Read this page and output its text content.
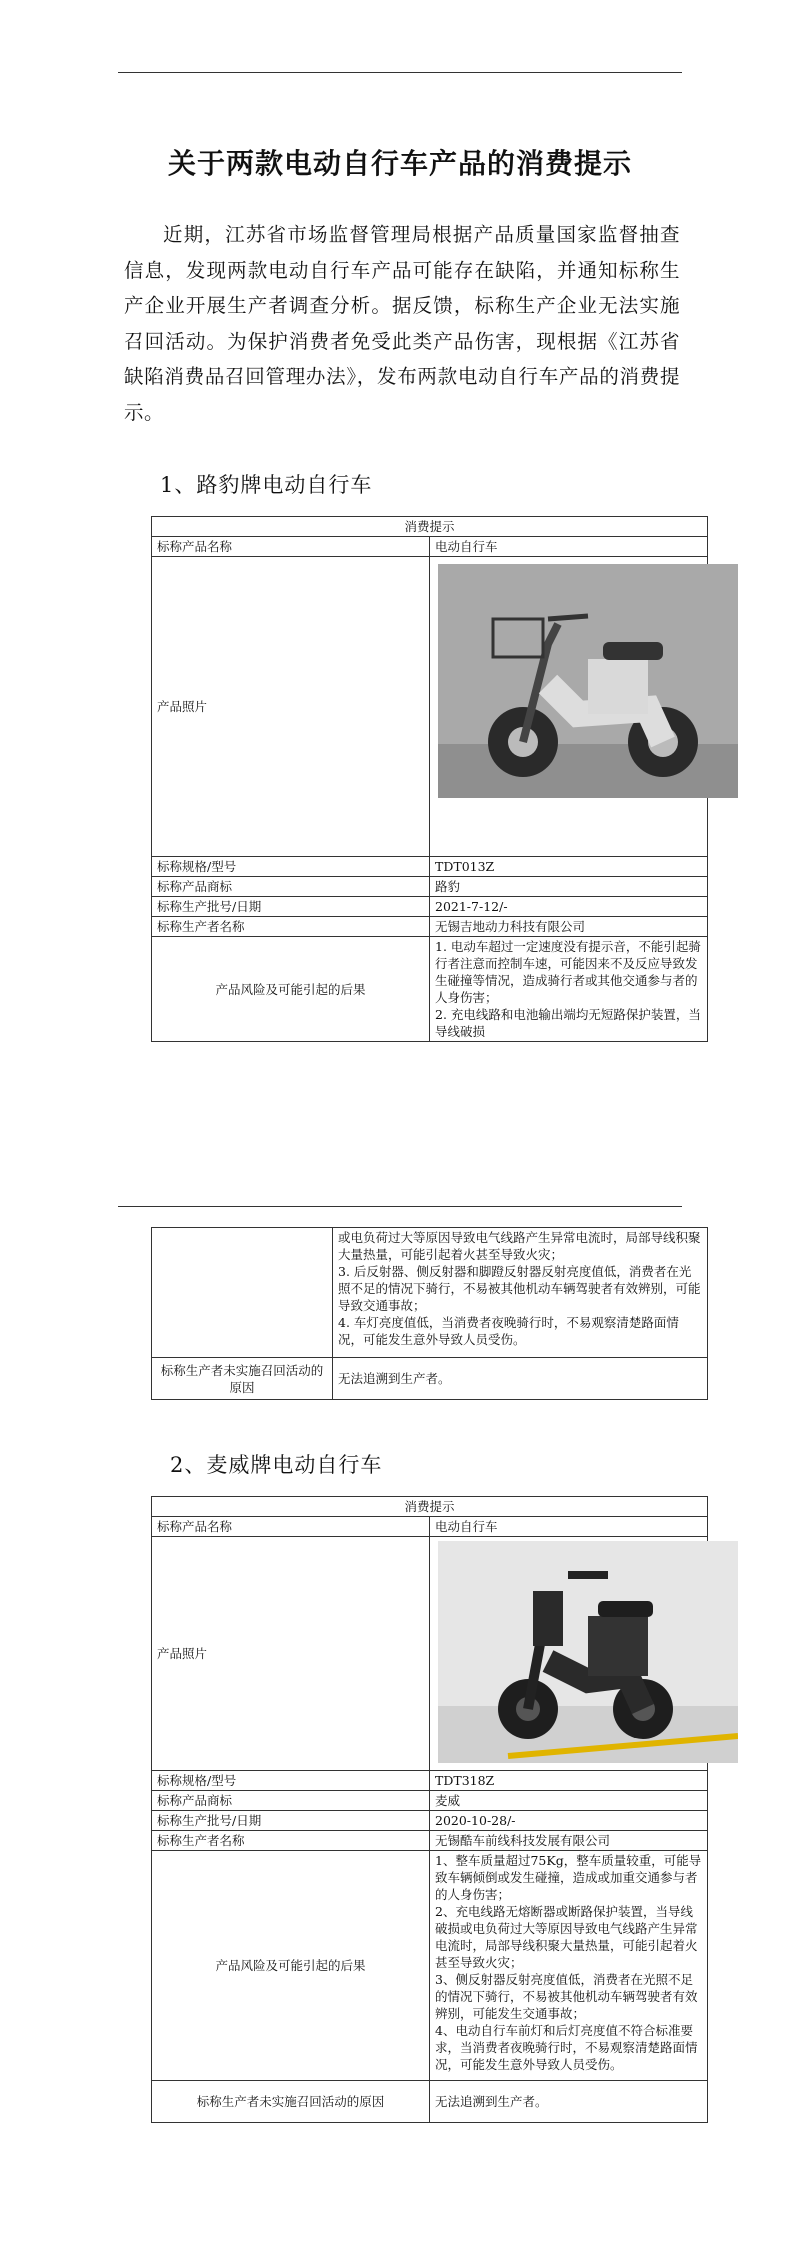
关于两款电动自行车产品的消费提示

近期，江苏省市场监督管理局根据产品质量国家监督抽查信息，发现两款电动自行车产品可能存在缺陷，并通知标称生产企业开展生产者调查分析。据反馈，标称生产企业无法实施召回活动。为保护消费者免受此类产品伤害，现根据《江苏省缺陷消费品召回管理办法》，发布两款电动自行车产品的消费提示。

1、路豹牌电动自行车

消费提示	
标称产品名称	电动自行车
产品照片	

标称规格/型号	TDT013Z
标称产品商标	路豹
标称生产批号/日期	2021-7-12/-
标称生产者名称	无锡吉地动力科技有限公司
产品风险及可能引起的后果	1. 电动车超过一定速度没有提示音，不能引起骑行者注意而控制车速，可能因来不及反应导致发生碰撞等情况，造成骑行者或其他交通参与者的人身伤害；
2. 充电线路和电池输出端均无短路保护装置，当导线破损
	或电负荷过大等原因导致电气线路产生异常电流时，局部导线积聚大量热量，可能引起着火甚至导致火灾；
3. 后反射器、侧反射器和脚蹬反射器反射亮度值低，消费者在光照不足的情况下骑行，不易被其他机动车辆驾驶者有效辨别，可能导致交通事故；
4. 车灯亮度值低，当消费者夜晚骑行时，不易观察清楚路面情况，可能发生意外导致人员受伤。
标称生产者未实施召回活动的原因	无法追溯到生产者。

2、麦威牌电动自行车

消费提示	
标称产品名称	电动自行车
产品照片	

标称规格/型号	TDT318Z
标称产品商标	麦威
标称生产批号/日期	2020-10-28/-
标称生产者名称	无锡酷车前线科技发展有限公司
产品风险及可能引起的后果	1、整车质量超过75Kg，整车质量较重，可能导致车辆倾倒或发生碰撞，造成或加重交通参与者的人身伤害；

2、充电线路无熔断器或断路保护装置，当导线破损或电负荷过大等原因导致电气线路产生异常电流时，局部导线积聚大量热量，可能引起着火甚至导致火灾；

3、侧反射器反射亮度值低，消费者在光照不足的情况下骑行，不易被其他机动车辆驾驶者有效辨别，可能发生交通事故；

4、电动自行车前灯和后灯亮度值不符合标准要求，当消费者夜晚骑行时，不易观察清楚路面情况，可能发生意外导致人员受伤。

标称生产者未实施召回活动的原因	无法追溯到生产者。
